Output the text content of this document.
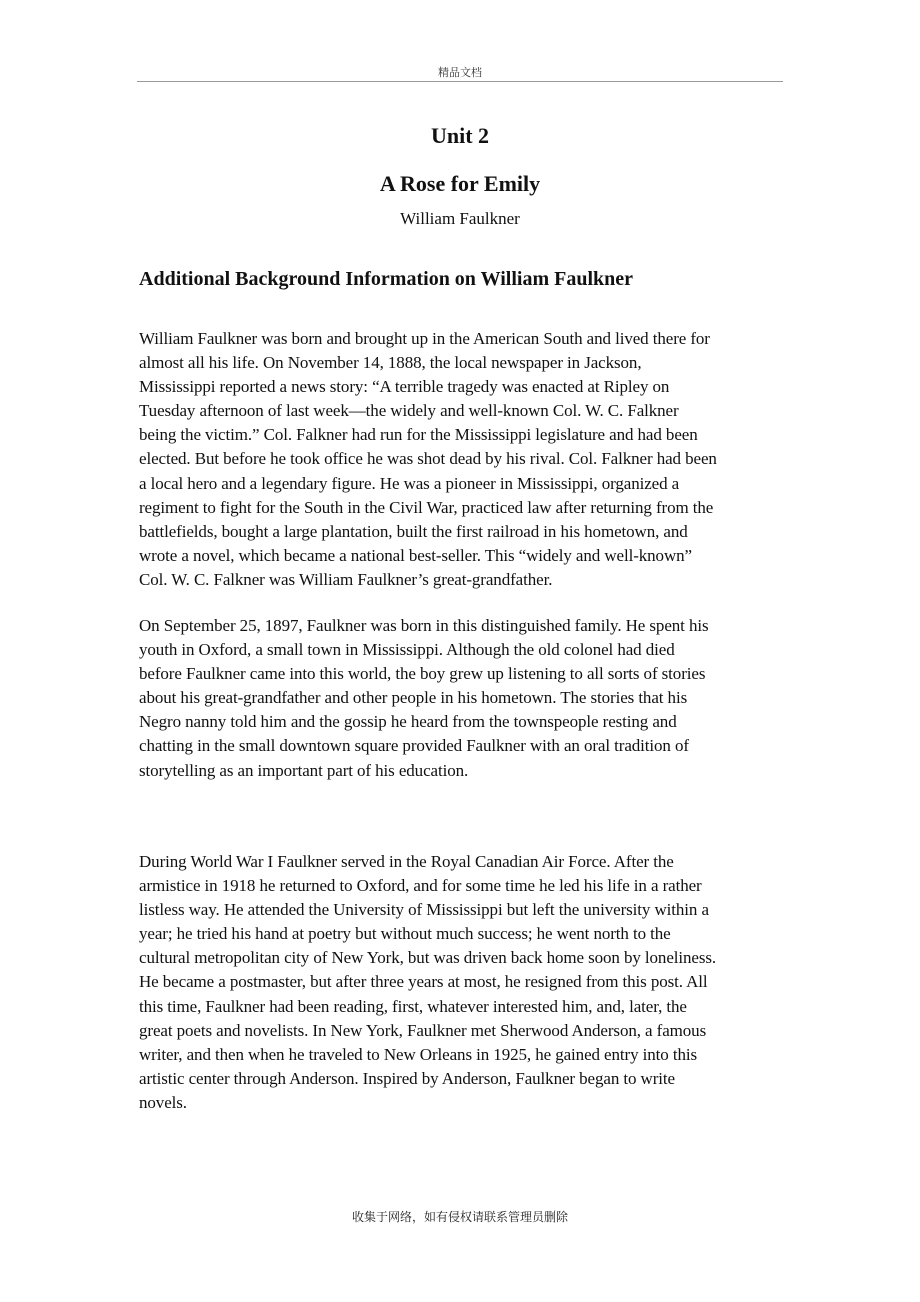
精品文档
Unit 2
A Rose for Emily
William Faulkner
Additional Background Information on William Faulkner

William Faulkner was born and brought up in the American South and lived there for
almost all his life. On November 14, 1888, the local newspaper in Jackson,
Mississippi reported a news story: “A terrible tragedy was enacted at Ripley on
Tuesday afternoon of last week—the widely and well-known Col. W. C. Falkner
being the victim.” Col. Falkner had run for the Mississippi legislature and had been
elected. But before he took office he was shot dead by his rival. Col. Falkner had been
a local hero and a legendary figure. He was a pioneer in Mississippi, organized a
regiment to fight for the South in the Civil War, practiced law after returning from the
battlefields, bought a large plantation, built the first railroad in his hometown, and
wrote a novel, which became a national best-seller. This “widely and well-known”
Col. W. C. Falkner was William Faulkner’s great-grandfather.

On September 25, 1897, Faulkner was born in this distinguished family. He spent his
youth in Oxford, a small town in Mississippi. Although the old colonel had died
before Faulkner came into this world, the boy grew up listening to all sorts of stories
about his great-grandfather and other people in his hometown. The stories that his
Negro nanny told him and the gossip he heard from the townspeople resting and
chatting in the small downtown square provided Faulkner with an oral tradition of
storytelling as an important part of his education.

During World War I Faulkner served in the Royal Canadian Air Force. After the
armistice in 1918 he returned to Oxford, and for some time he led his life in a rather
listless way. He attended the University of Mississippi but left the university within a
year; he tried his hand at poetry but without much success; he went north to the
cultural metropolitan city of New York, but was driven back home soon by loneliness.
He became a postmaster, but after three years at most, he resigned from this post. All
this time, Faulkner had been reading, first, whatever interested him, and, later, the
great poets and novelists. In New York, Faulkner met Sherwood Anderson, a famous
writer, and then when he traveled to New Orleans in 1925, he gained entry into this
artistic center through Anderson. Inspired by Anderson, Faulkner began to write
novels.

收集于网络，如有侵权请联系管理员删除
